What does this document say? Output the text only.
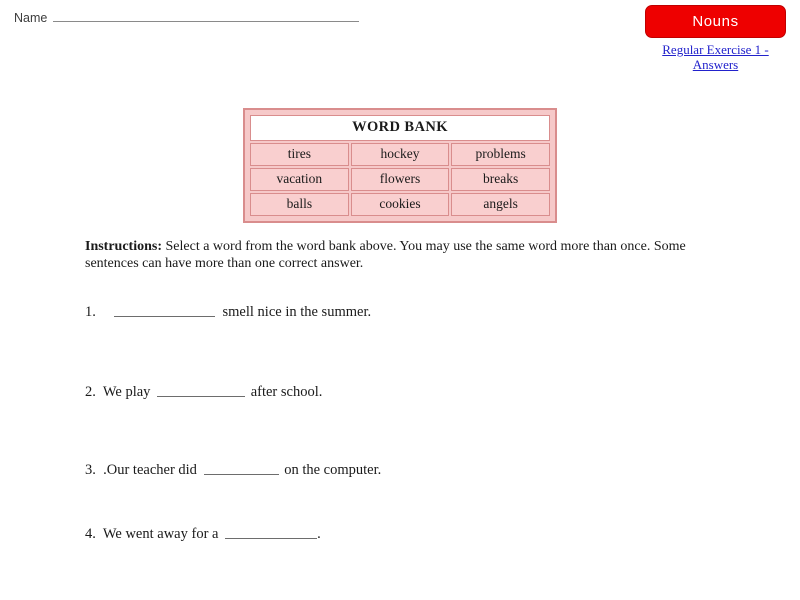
Name	Nouns
Regular Exercise 1 - Answers
WORD BANK		
tires	hockey	problems
vacation	flowers	breaks
balls	cookies	angels
Instructions: Select a word from the word bank above. You may use the same word more than once. Some sentences can have more than one correct answer.
1.	smell nice in the summer.
2. We play	after school.
3. .Our teacher did	on the computer.
4. We went away for a	.
